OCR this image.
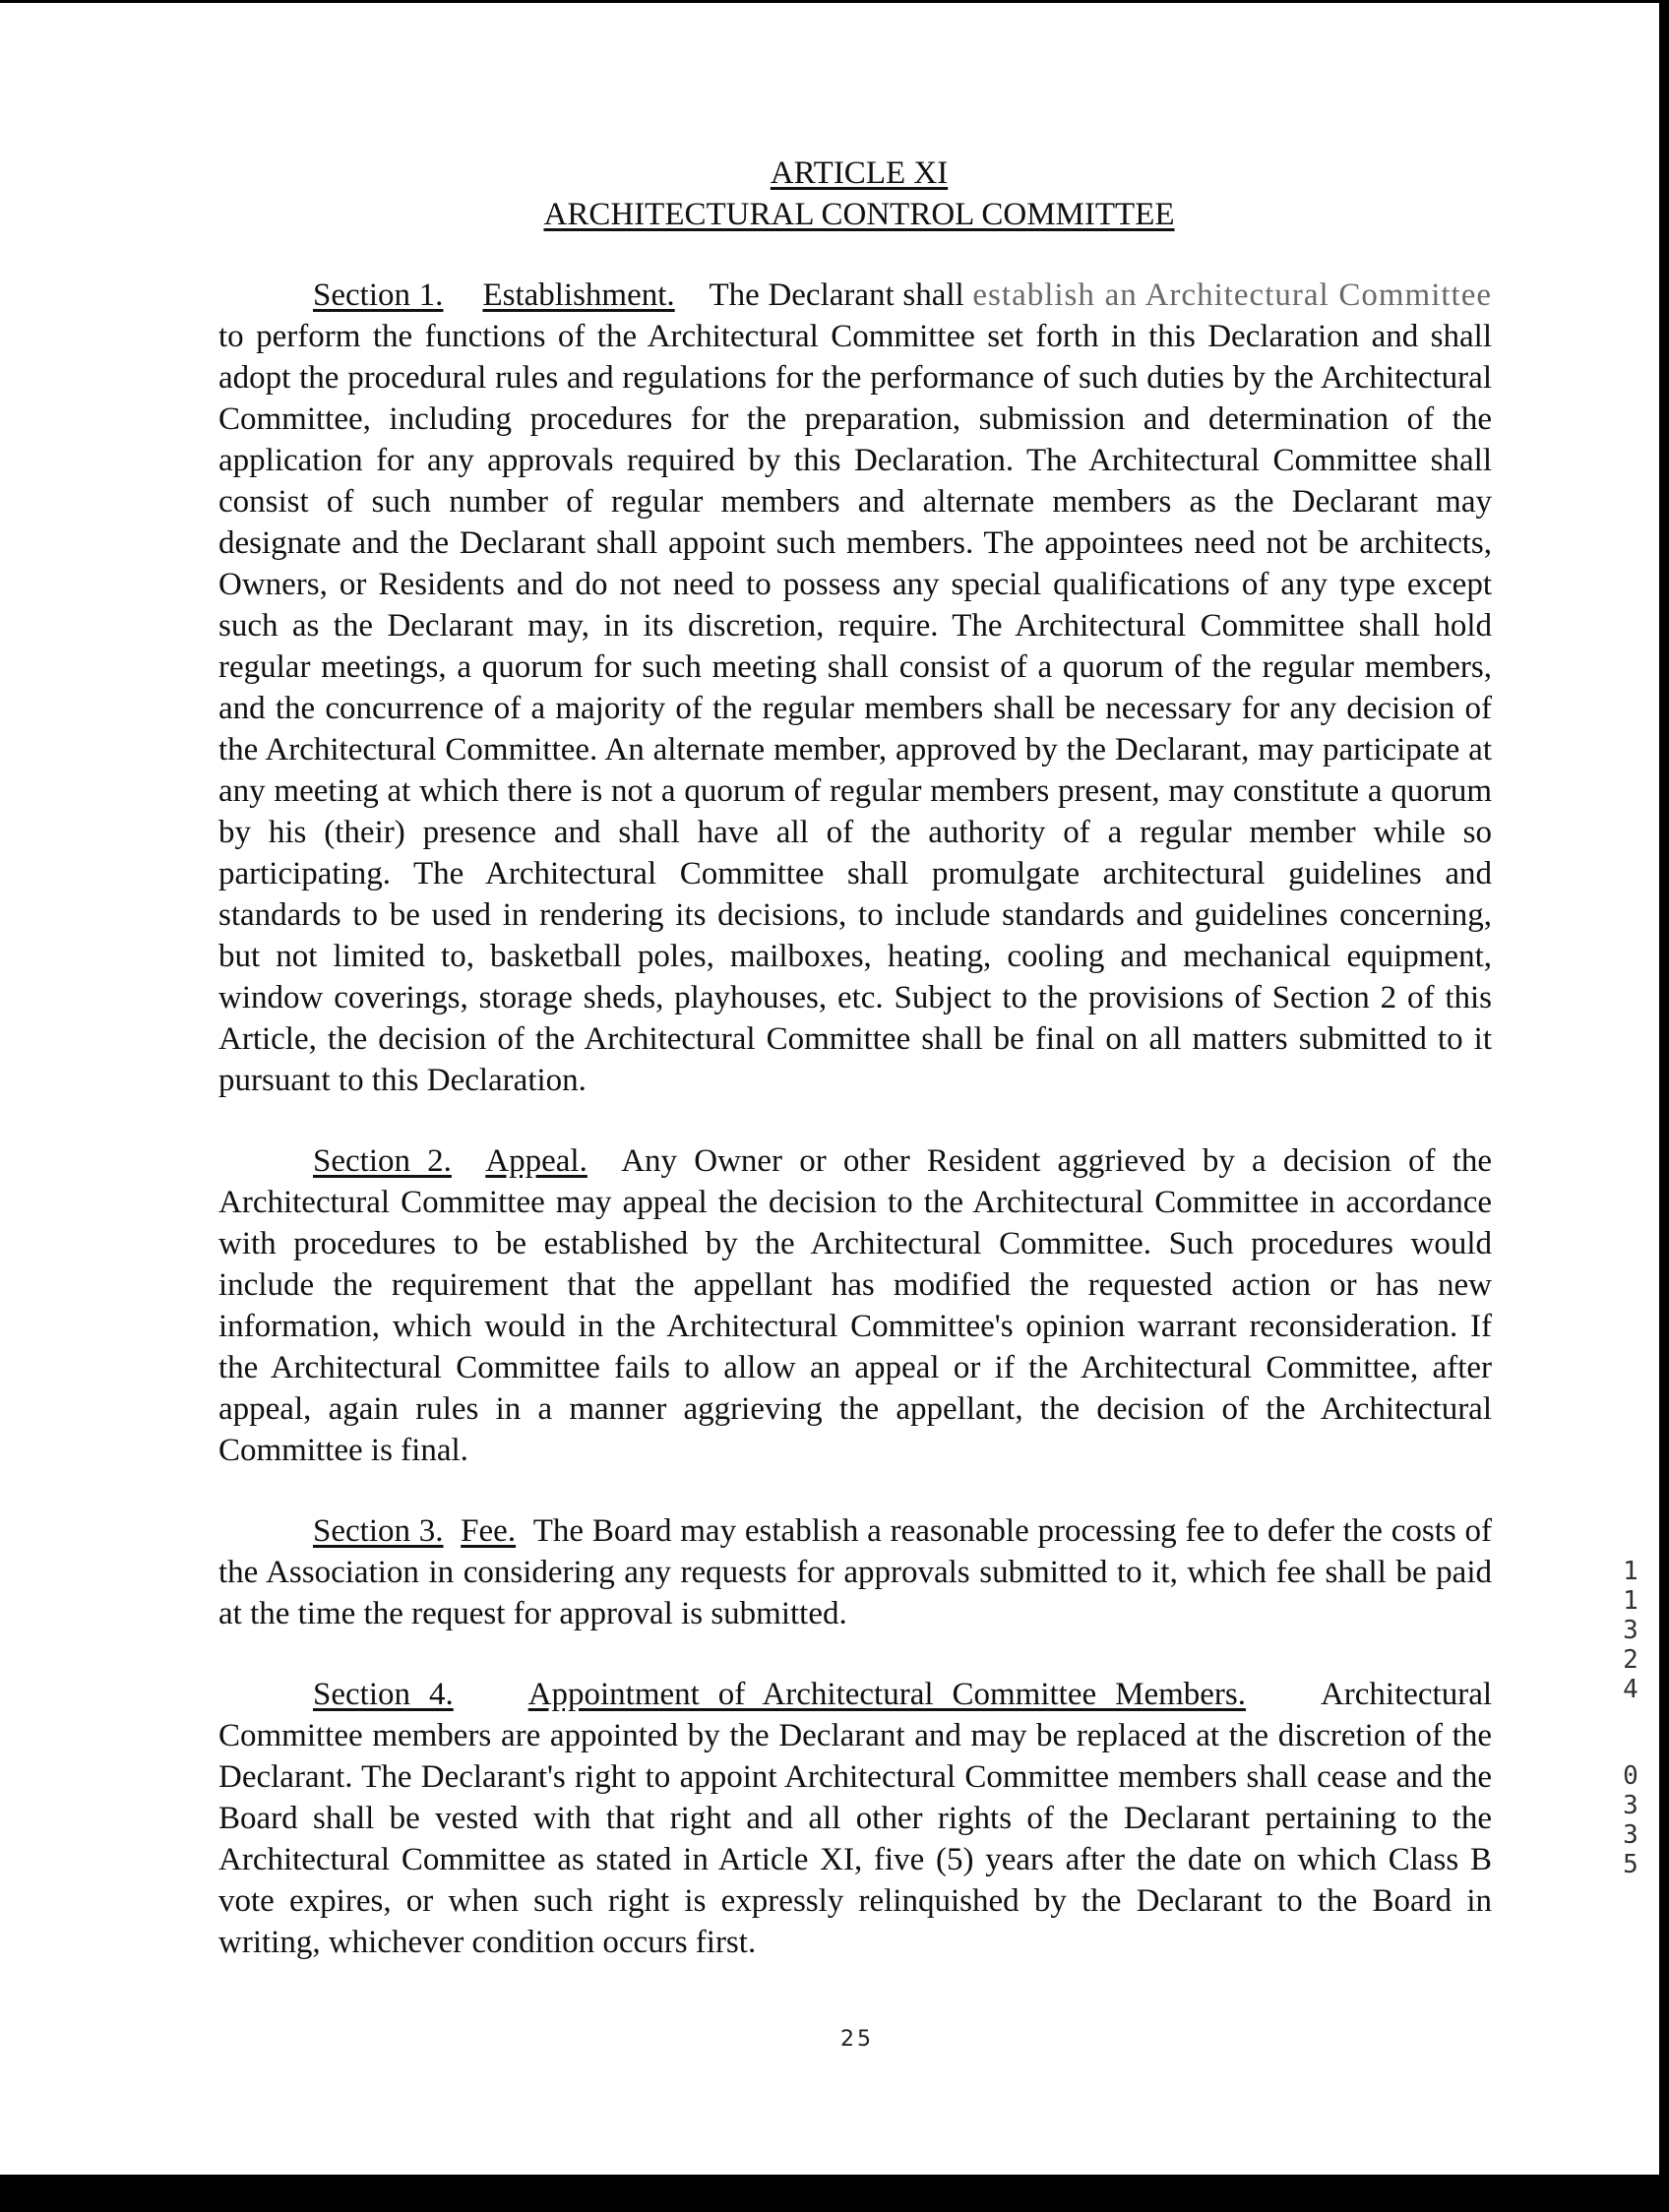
ARTICLE XI

ARCHITECTURAL CONTROL COMMITTEE

Section 1. Establishment. The Declarant shall establish an Architectural Committee to perform the functions of the Architectural Committee set forth in this Declaration and shall adopt the procedural rules and regulations for the performance of such duties by the Architectural Committee, including procedures for the preparation, submission and determination of the application for any approvals required by this Declaration. The Architectural Committee shall consist of such number of regular members and alternate members as the Declarant may designate and the Declarant shall appoint such members. The appointees need not be architects, Owners, or Residents and do not need to possess any special qualifications of any type except such as the Declarant may, in its discretion, require. The Architectural Committee shall hold regular meetings, a quorum for such meeting shall consist of a quorum of the regular members, and the concurrence of a majority of the regular members shall be necessary for any decision of the Architectural Committee. An alternate member, approved by the Declarant, may participate at any meeting at which there is not a quorum of regular members present, may constitute a quorum by his (their) presence and shall have all of the authority of a regular member while so participating. The Architectural Committee shall promulgate architectural guidelines and standards to be used in rendering its decisions, to include standards and guidelines concerning, but not limited to, basketball poles, mailboxes, heating, cooling and mechanical equipment, window coverings, storage sheds, playhouses, etc. Subject to the provisions of Section 2 of this Article, the decision of the Architectural Committee shall be final on all matters submitted to it pursuant to this Declaration.

Section 2. Appeal. Any Owner or other Resident aggrieved by a decision of the Architectural Committee may appeal the decision to the Architectural Committee in accordance with procedures to be established by the Architectural Committee. Such procedures would include the requirement that the appellant has modified the requested action or has new information, which would in the Architectural Committee's opinion warrant reconsideration. If the Architectural Committee fails to allow an appeal or if the Architectural Committee, after appeal, again rules in a manner aggrieving the appellant, the decision of the Architectural Committee is final.

Section 3. Fee. The Board may establish a reasonable processing fee to defer the costs of the Association in considering any requests for approvals submitted to it, which fee shall be paid at the time the request for approval is submitted.

Section 4. Appointment of Architectural Committee Members. Architectural Committee members are appointed by the Declarant and may be replaced at the discretion of the Declarant. The Declarant's right to appoint Architectural Committee members shall cease and the Board shall be vested with that right and all other rights of the Declarant pertaining to the Architectural Committee as stated in Article XI, five (5) years after the date on which Class B vote expires, or when such right is expressly relinquished by the Declarant to the Board in writing, whichever condition occurs first.

25
1
1
3
2
4
0
3
3
5
